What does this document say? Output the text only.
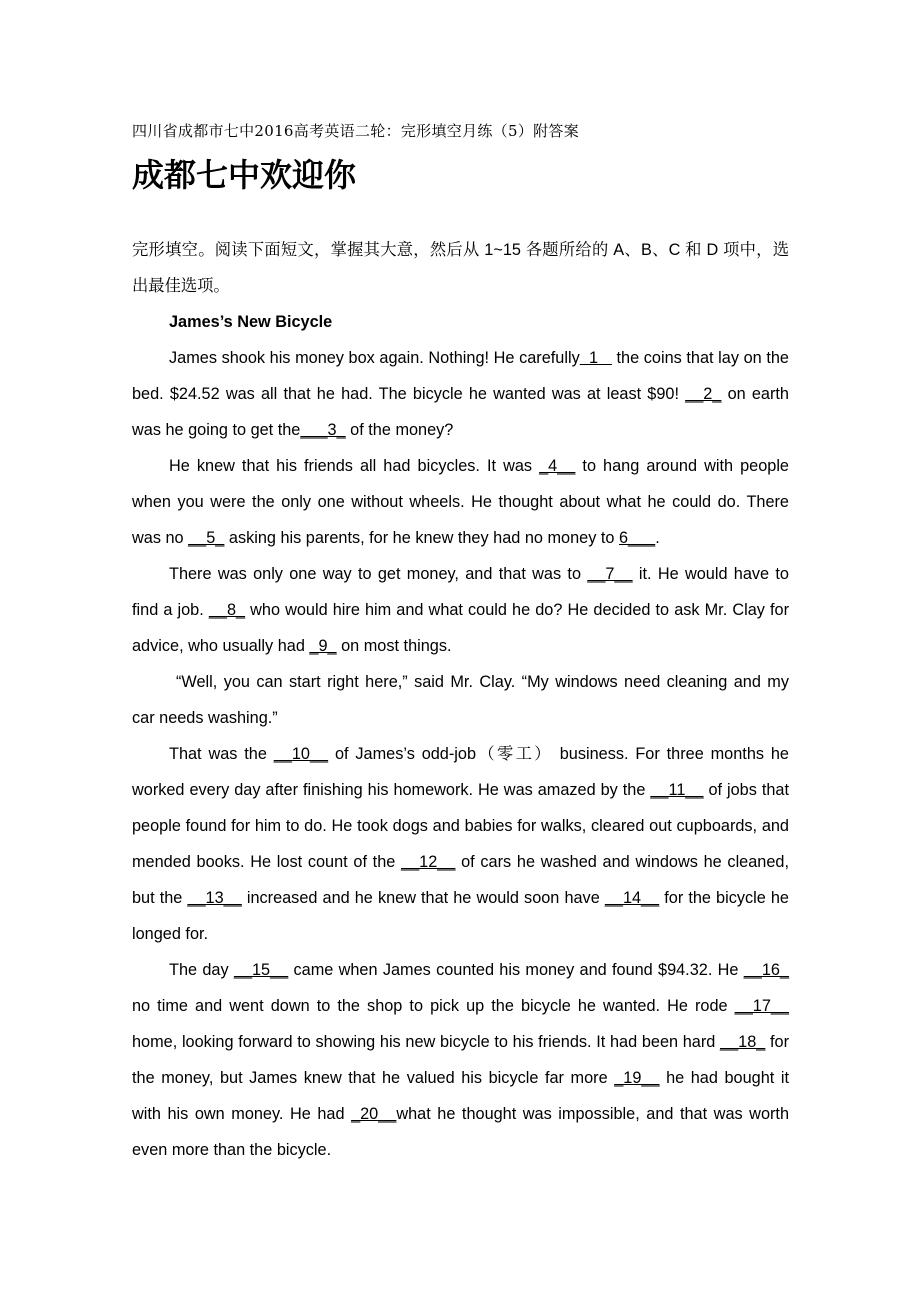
四川省成都市七中2016高考英语二轮：完形填空月练（5）附答案
成都七中欢迎你

完形填空。阅读下面短文，掌握其大意，然后从 1~15 各题所给的 A、B、C 和 D 项中，选出最佳选项。

James’s New Bicycle

James shook his money box again. Nothing! He carefully  1    the coins that lay on the bed. $24.52 was all that he had. The bicycle he wanted was at least $90! __2_ on earth was he going to get the___3_ of the money?

He knew that his friends all had bicycles. It was _4__ to hang around with people when you were the only one without wheels. He thought about what he could do. There was no __5_ asking his parents, for he knew they had no money to 6___.

There was only one way to get money, and that was to __7__ it. He would have to find a job. __8_ who would hire him and what could he do? He decided to ask Mr. Clay for advice, who usually had _9_ on most things.

“Well, you can start right here,” said Mr. Clay. “My windows need cleaning and my car needs washing.”

That was the __10__ of James’s odd-job（零工） business. For three months he worked every day after finishing his homework. He was amazed by the __11__ of jobs that people found for him to do. He took dogs and babies for walks, cleared out cupboards, and mended books. He lost count of the __12__ of cars he washed and windows he cleaned, but the __13__ increased and he knew that he would soon have __14__ for the bicycle he longed for.

The day __15__ came when James counted his money and found $94.32. He __16_ no time and went down to the shop to pick up the bicycle he wanted. He rode __17__ home, looking forward to showing his new bicycle to his friends. It had been hard __18_ for the money, but James knew that he valued his bicycle far more _19__ he had bought it with his own money. He had _20__what he thought was impossible, and that was worth even more than the bicycle.
